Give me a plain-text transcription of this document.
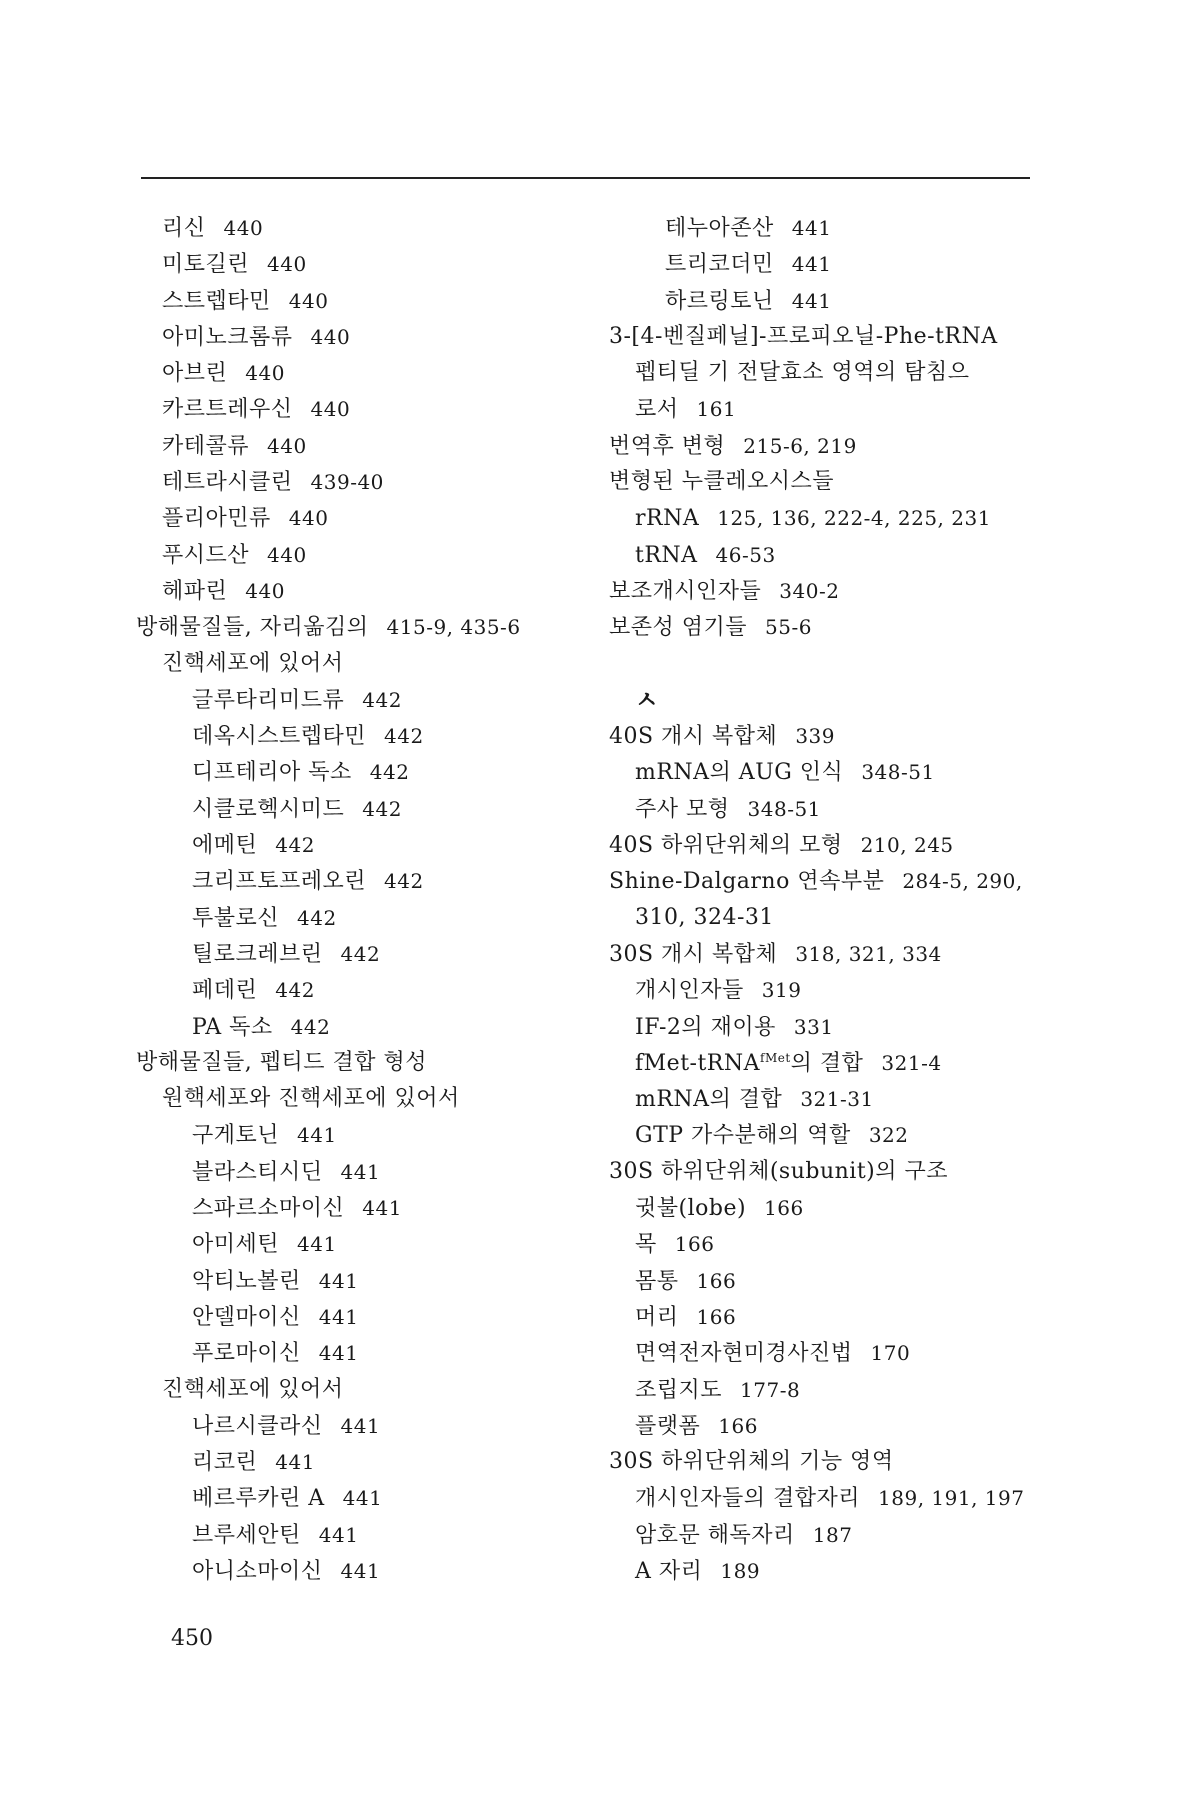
리신 440
미토길린 440
스트렙타민 440
아미노크롬류 440
아브린 440
카르트레우신 440
카테콜류 440
테트라시클린 439-40
플리아민류 440
푸시드산 440
헤파린 440
방해물질들, 자리옮김의 415-9, 435-6
진핵세포에 있어서
글루타리미드류 442
데옥시스트렙타민 442
디프테리아 독소 442
시클로헥시미드 442
에메틴 442
크리프토프레오린 442
투불로신 442
틸로크레브린 442
페데린 442
PA 독소 442
방해물질들, 펩티드 결합 형성
원핵세포와 진핵세포에 있어서
구게토닌 441
블라스티시딘 441
스파르소마이신 441
아미세틴 441
악티노볼린 441
안델마이신 441
푸로마이신 441
진핵세포에 있어서
나르시클라신 441
리코린 441
베르루카린 A 441
브루세안틴 441
아니소마이신 441
테누아존산 441
트리코더민 441
하르링토닌 441
3-[4-벤질페닐]-프로피오닐-Phe-tRNA
펩티딜 기 전달효소 영역의 탐침으
로서 161
번역후 변형 215-6, 219
변형된 누클레오시스들
rRNA 125, 136, 222-4, 225, 231
tRNA 46-53
보조개시인자들 340-2
보존성 염기들 55-6
ㅅ
40S 개시 복합체 339
mRNA의 AUG 인식 348-51
주사 모형 348-51
40S 하위단위체의 모형 210, 245
Shine-Dalgarno 연속부분 284-5, 290,
310, 324-31
30S 개시 복합체 318, 321, 334
개시인자들 319
IF-2의 재이용 331
fMet-tRNA$^{fMet}$의 결합 321-4
mRNA의 결합 321-31
GTP 가수분해의 역할 322
30S 하위단위체(subunit)의 구조
귓불(lobe) 166
목 166
몸통 166
머리 166
면역전자현미경사진법 170
조립지도 177-8
플랫폼 166
30S 하위단위체의 기능 영역
개시인자들의 결합자리 189, 191, 197
암호문 해독자리 187
A 자리 189
450
